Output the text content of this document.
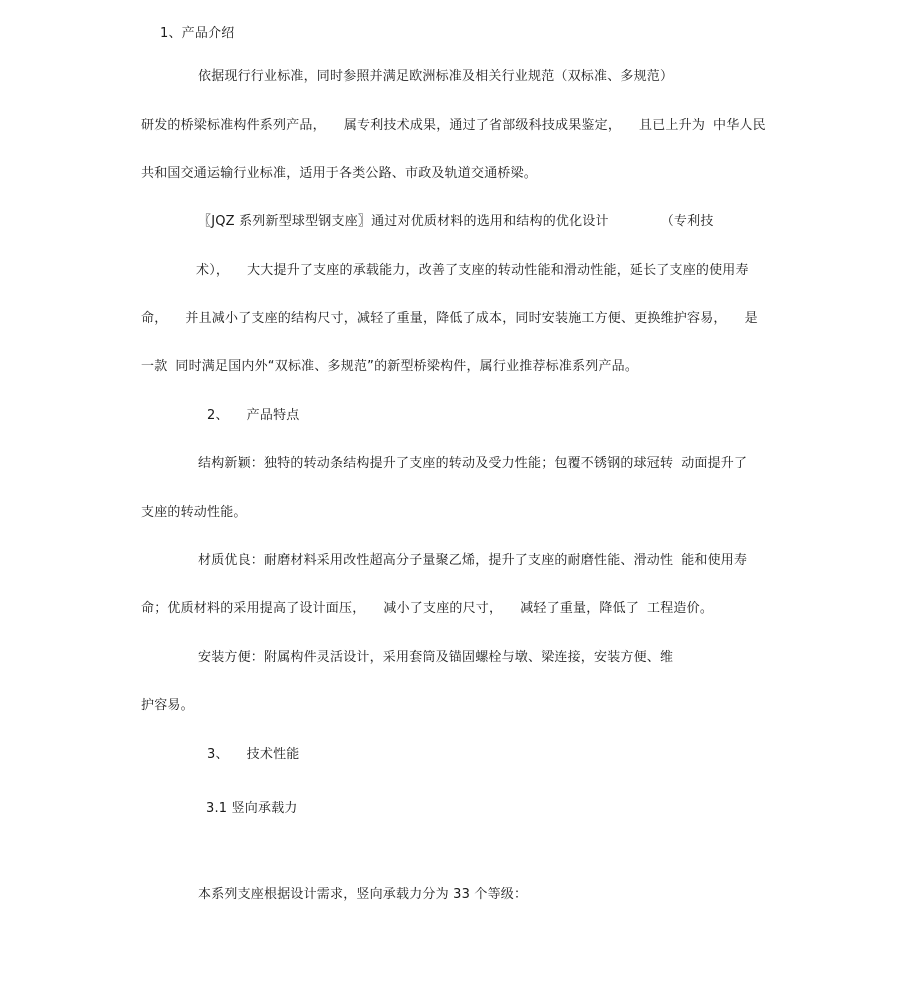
1、产品介绍
依据现行行业标准，同时参照并满足欧洲标准及相关行业规范（双标准、多规范）
研发的桥梁标准构件系列产品， 属专利技术成果，通过了省部级科技成果鉴定， 且已上升为 中华人民
共和国交通运输行业标准，适用于各类公路、市政及轨道交通桥梁。
〖JQZ 系列新型球型钢支座〗通过对优质材料的选用和结构的优化设计	（专利技
术）， 大大提升了支座的承载能力，改善了支座的转动性能和滑动性能，延长了支座的使用寿
命， 并且减小了支座的结构尺寸，减轻了重量，降低了成本，同时安装施工方便、更换维护容易， 是
一款 同时满足国内外“双标准、多规范”的新型桥梁构件，属行业推荐标准系列产品。
2、 产品特点
结构新颖：独特的转动条结构提升了支座的转动及受力性能；包覆不锈钢的球冠转 动面提升了
支座的转动性能。
材质优良：耐磨材料采用改性超高分子量聚乙烯，提升了支座的耐磨性能、滑动性 能和使用寿
命；优质材料的采用提高了设计面压， 减小了支座的尺寸， 减轻了重量，降低了 工程造价。
安装方便：附属构件灵活设计，采用套筒及锚固螺栓与墩、梁连接，安装方便、维
护容易。
3、 技术性能
3.1 竖向承载力
本系列支座根据设计需求，竖向承载力分为 33 个等级：
